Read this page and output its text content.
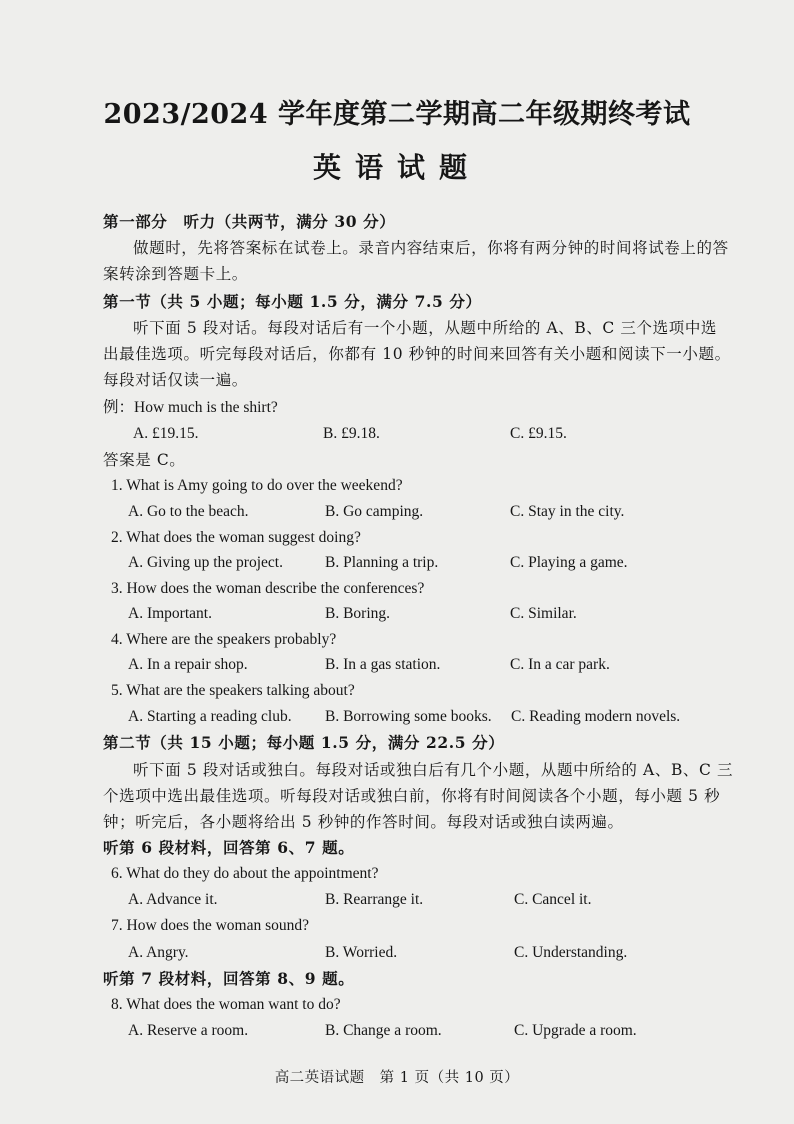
2023/2024 学年度第二学期高二年级期终考试
英语试题
第一部分　听力（共两节，满分 30 分）
做题时，先将答案标在试卷上。录音内容结束后，你将有两分钟的时间将试卷上的答
案转涂到答题卡上。
第一节（共 5 小题；每小题 1.5 分，满分 7.5 分）
听下面 5 段对话。每段对话后有一个小题，从题中所给的 A、B、C 三个选项中选
出最佳选项。听完每段对话后，你都有 10 秒钟的时间来回答有关小题和阅读下一小题。
每段对话仅读一遍。
例：How much is the shirt?
A. £19.15.	B. £9.18.	C. £9.15.
答案是 C。
1. What is Amy going to do over the weekend?
A. Go to the beach.	B. Go camping.	C. Stay in the city.
2. What does the woman suggest doing?
A. Giving up the project.	B. Planning a trip.	C. Playing a game.
3. How does the woman describe the conferences?
A. Important.	B. Boring.	C. Similar.
4. Where are the speakers probably?
A. In a repair shop.	B. In a gas station.	C. In a car park.
5. What are the speakers talking about?
A. Starting a reading club. B. Borrowing some books. C. Reading modern novels.
第二节（共 15 小题；每小题 1.5 分，满分 22.5 分）
听下面 5 段对话或独白。每段对话或独白后有几个小题，从题中所给的 A、B、C 三
个选项中选出最佳选项。听每段对话或独白前，你将有时间阅读各个小题，每小题 5 秒
钟；听完后，各小题将给出 5 秒钟的作答时间。每段对话或独白读两遍。
听第 6 段材料，回答第 6、7 题。
6. What do they do about the appointment?
A. Advance it.	B. Rearrange it.	C. Cancel it.
7. How does the woman sound?
A. Angry.	B. Worried.	C. Understanding.
听第 7 段材料，回答第 8、9 题。
8. What does the woman want to do?
A. Reserve a room.	B. Change a room.	C. Upgrade a room.
高二英语试题　第 1 页（共 10 页）
